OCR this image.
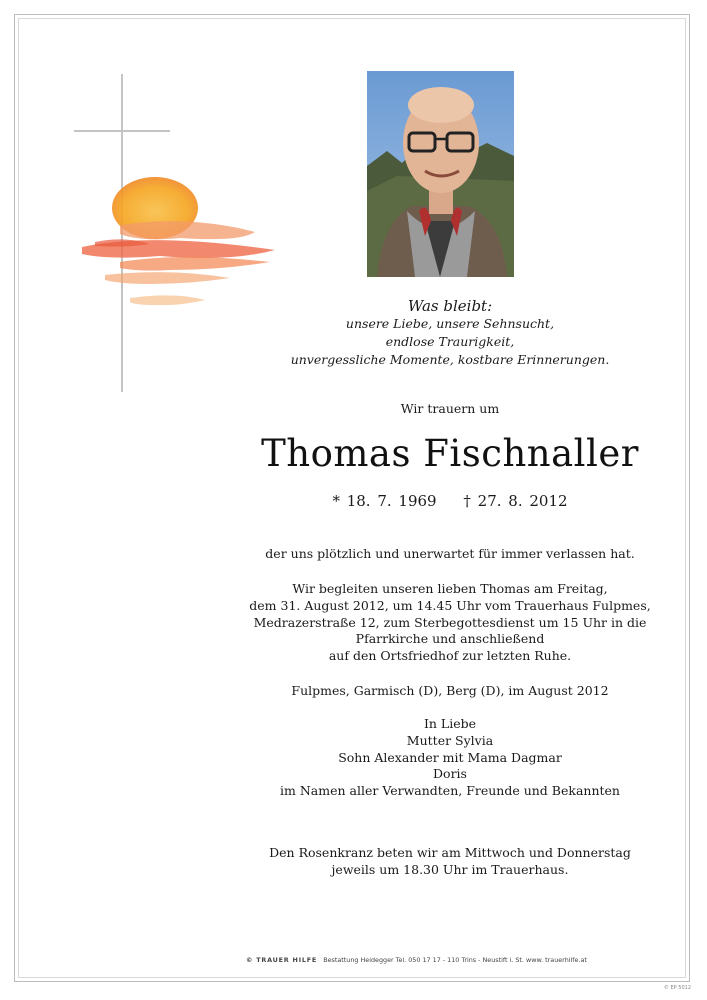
Was bleibt:
unsere Liebe, unsere Sehnsucht,
endlose Traurigkeit,
unvergessliche Momente, kostbare Erinnerungen.
Wir trauern um
Thomas Fischnaller
* 18. 7. 1969 † 27. 8. 2012
der uns plötzlich und unerwartet für immer verlassen hat.
Wir begleiten unseren lieben Thomas am Freitag,
dem 31. August 2012, um 14.45 Uhr vom Trauerhaus Fulpmes,
Medrazerstraße 12, zum Sterbegottesdienst um 15 Uhr in die
Pfarrkirche und anschließend
auf den Ortsfriedhof zur letzten Ruhe.
Fulpmes, Garmisch (D), Berg (D), im August 2012
In Liebe
Mutter Sylvia
Sohn Alexander mit Mama Dagmar
Doris
im Namen aller Verwandten, Freunde und Bekannten
Den Rosenkranz beten wir am Mittwoch und Donnerstag
jeweils um 18.30 Uhr im Trauerhaus.
© TRAUER HILFE Bestattung Heidegger Tel. 050 17 17 - 110 Trins - Neustift i. St. www. trauerhilfe.at
© EP 5012
